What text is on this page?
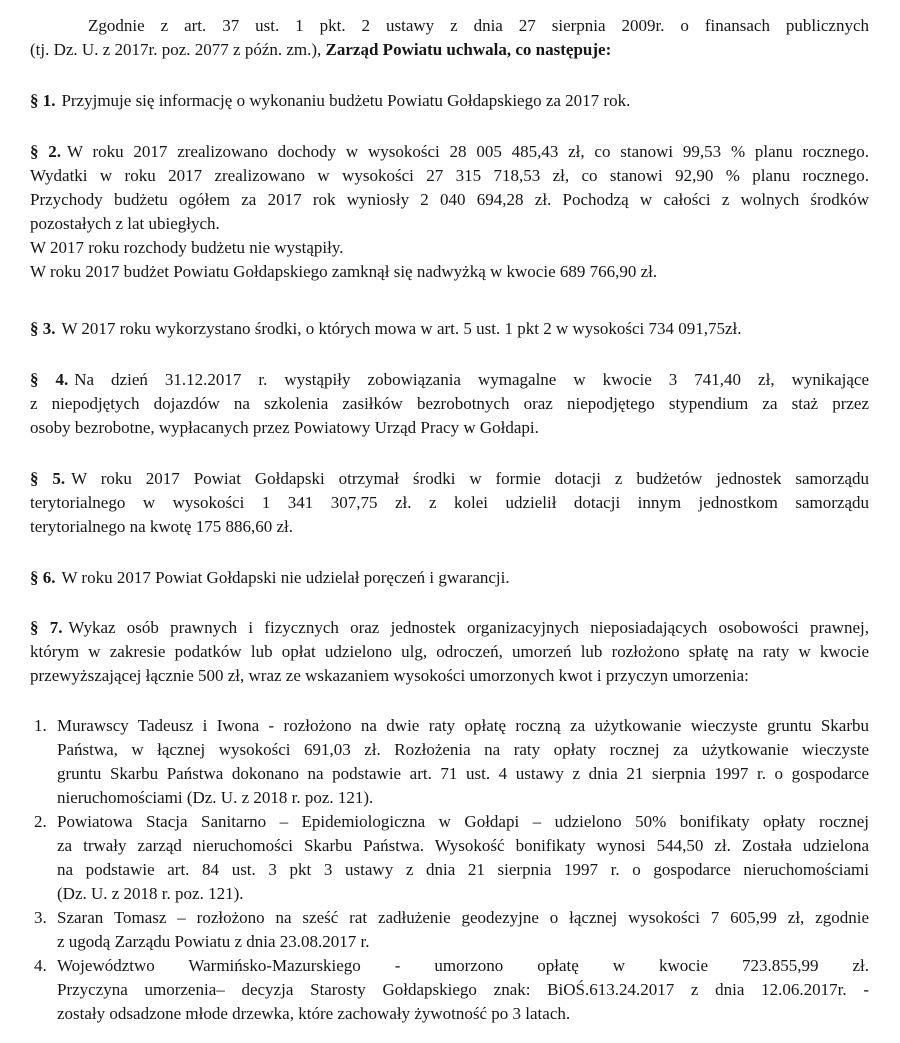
Zgodnie z art. 37 ust. 1 pkt. 2 ustawy z dnia 27 sierpnia 2009r. o finansach publicznych
(tj. Dz. U. z 2017r. poz. 2077 z późn. zm.), Zarząd Powiatu uchwala, co następuje:
§ 1. Przyjmuje się informację o wykonaniu budżetu Powiatu Gołdapskiego za 2017 rok.
§ 2. W roku 2017 zrealizowano dochody w wysokości 28 005 485,43 zł, co stanowi 99,53 % planu rocznego.
Wydatki w roku 2017 zrealizowano w wysokości 27 315 718,53 zł, co stanowi 92,90 % planu rocznego.
Przychody budżetu ogółem za 2017 rok wyniosły 2 040 694,28 zł. Pochodzą w całości z wolnych środków
pozostałych z lat ubiegłych.
W 2017 roku rozchody budżetu nie wystąpiły.
W roku 2017 budżet Powiatu Gołdapskiego zamknął się nadwyżką w kwocie 689 766,90 zł.
§ 3. W 2017 roku wykorzystano środki, o których mowa w art. 5 ust. 1 pkt 2 w wysokości 734 091,75zł.
§ 4. Na dzień 31.12.2017 r. wystąpiły zobowiązania wymagalne w kwocie 3 741,40 zł, wynikające
z niepodjętych dojazdów na szkolenia zasiłków bezrobotnych oraz niepodjętego stypendium za staż przez
osoby bezrobotne, wypłacanych przez Powiatowy Urząd Pracy w Gołdapi.
§ 5. W roku 2017 Powiat Gołdapski otrzymał środki w formie dotacji z budżetów jednostek samorządu
terytorialnego w wysokości 1 341 307,75 zł. z kolei udzielił dotacji innym jednostkom samorządu
terytorialnego na kwotę 175 886,60 zł.
§ 6. W roku 2017 Powiat Gołdapski nie udzielał poręczeń i gwarancji.
§ 7. Wykaz osób prawnych i fizycznych oraz jednostek organizacyjnych nieposiadających osobowości prawnej,
którym w zakresie podatków lub opłat udzielono ulg, odroczeń, umorzeń lub rozłożono spłatę na raty w kwocie
przewyższającej łącznie 500 zł, wraz ze wskazaniem wysokości umorzonych kwot i przyczyn umorzenia:
1. Murawscy Tadeusz i Iwona - rozłożono na dwie raty opłatę roczną za użytkowanie wieczyste gruntu Skarbu
Państwa, w łącznej wysokości 691,03 zł. Rozłożenia na raty opłaty rocznej za użytkowanie wieczyste
gruntu Skarbu Państwa dokonano na podstawie art. 71 ust. 4 ustawy z dnia 21 sierpnia 1997 r. o gospodarce
nieruchomościami (Dz. U. z 2018 r. poz. 121).
2. Powiatowa Stacja Sanitarno – Epidemiologiczna w Gołdapi – udzielono 50% bonifikaty opłaty rocznej
za trwały zarząd nieruchomości Skarbu Państwa. Wysokość bonifikaty wynosi 544,50 zł. Została udzielona
na podstawie art. 84 ust. 3 pkt 3 ustawy z dnia 21 sierpnia 1997 r. o gospodarce nieruchomościami
(Dz. U. z 2018 r. poz. 121).
3. Szaran Tomasz – rozłożono na sześć rat zadłużenie geodezyjne o łącznej wysokości 7 605,99 zł, zgodnie
z ugodą Zarządu Powiatu z dnia 23.08.2017 r.
4. Województwo Warmińsko-Mazurskiego - umorzono opłatę w kwocie 723.855,99 zł.
Przyczyna umorzenia– decyzja Starosty Gołdapskiego znak: BiOŚ.613.24.2017 z dnia 12.06.2017r. -
zostały odsadzone młode drzewka, które zachowały żywotność po 3 latach.
